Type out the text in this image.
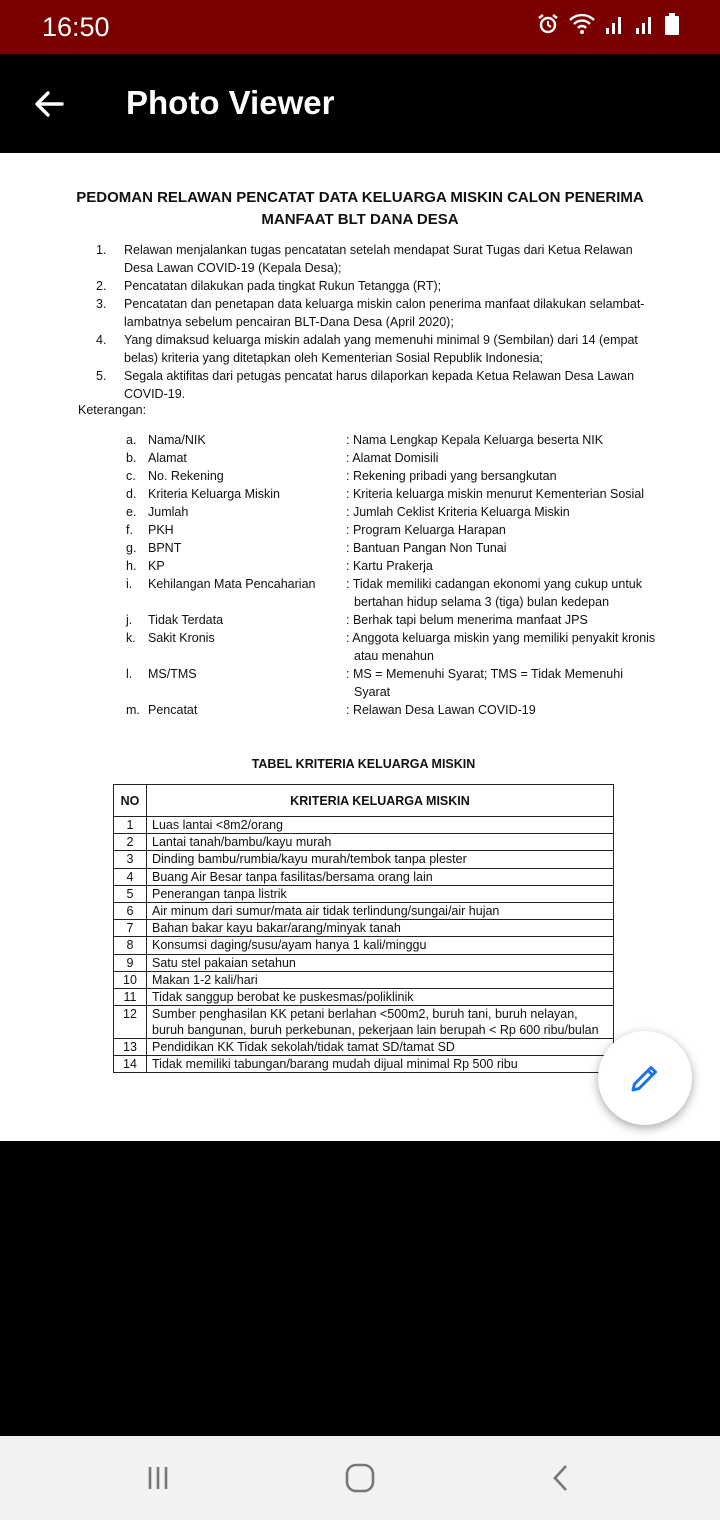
16:50
Photo Viewer
PEDOMAN RELAWAN PENCATAT DATA KELUARGA MISKIN CALON PENERIMA
MANFAAT BLT DANA DESA
1. Relawan menjalankan tugas pencatatan setelah mendapat Surat Tugas dari Ketua Relawan Desa Lawan COVID-19 (Kepala Desa);
2. Pencatatan dilakukan pada tingkat Rukun Tetangga (RT);
3. Pencatatan dan penetapan data keluarga miskin calon penerima manfaat dilakukan selambat-lambatnya sebelum pencairan BLT-Dana Desa (April 2020);
4. Yang dimaksud keluarga miskin adalah yang memenuhi minimal 9 (Sembilan) dari 14 (empat belas) kriteria yang ditetapkan oleh Kementerian Sosial Republik Indonesia;
5. Segala aktifitas dari petugas pencatat harus dilaporkan kepada Ketua Relawan Desa Lawan COVID-19.
Keterangan:
a. Nama/NIK	: Nama Lengkap Kepala Keluarga beserta NIK
b. Alamat	: Alamat Domisili
c. No. Rekening	: Rekening pribadi yang bersangkutan
d. Kriteria Keluarga Miskin	: Kriteria keluarga miskin menurut Kementerian Sosial
e. Jumlah	: Jumlah Ceklist Kriteria Keluarga Miskin
f.	PKH	: Program Keluarga Harapan
g. BPNT	: Bantuan Pangan Non Tunai
h. KP	: Kartu Prakerja
i.	Kehilangan Mata Pencaharian	: Tidak memiliki cadangan ekonomi yang cukup untuk bertahan hidup selama 3 (tiga) bulan kedepan
j.	Tidak Terdata	: Berhak tapi belum menerima manfaat JPS
k. Sakit Kronis	: Anggota keluarga miskin yang memiliki penyakit kronis atau menahun
l.	MS/TMS	: MS = Memenuhi Syarat; TMS = Tidak Memenuhi Syarat
m. Pencatat	: Relawan Desa Lawan COVID-19
TABEL KRITERIA KELUARGA MISKIN
NO	KRITERIA KELUARGA MISKIN
1	Luas lantai <8m2/orang
2	Lantai tanah/bambu/kayu murah
3	Dinding bambu/rumbia/kayu murah/tembok tanpa plester
4	Buang Air Besar tanpa fasilitas/bersama orang lain
5	Penerangan tanpa listrik
6	Air minum dari sumur/mata air tidak terlindung/sungai/air hujan
7	Bahan bakar kayu bakar/arang/minyak tanah
8	Konsumsi daging/susu/ayam hanya 1 kali/minggu
9	Satu stel pakaian setahun
10	Makan 1-2 kali/hari
11	Tidak sanggup berobat ke puskesmas/poliklinik
12	Sumber penghasilan KK petani berlahan <500m2, buruh tani, buruh nelayan, buruh bangunan, buruh perkebunan, pekerjaan lain berupah < Rp 600 ribu/bulan
13	Pendidikan KK Tidak sekolah/tidak tamat SD/tamat SD
14	Tidak memiliki tabungan/barang mudah dijual minimal Rp 500 ribu
